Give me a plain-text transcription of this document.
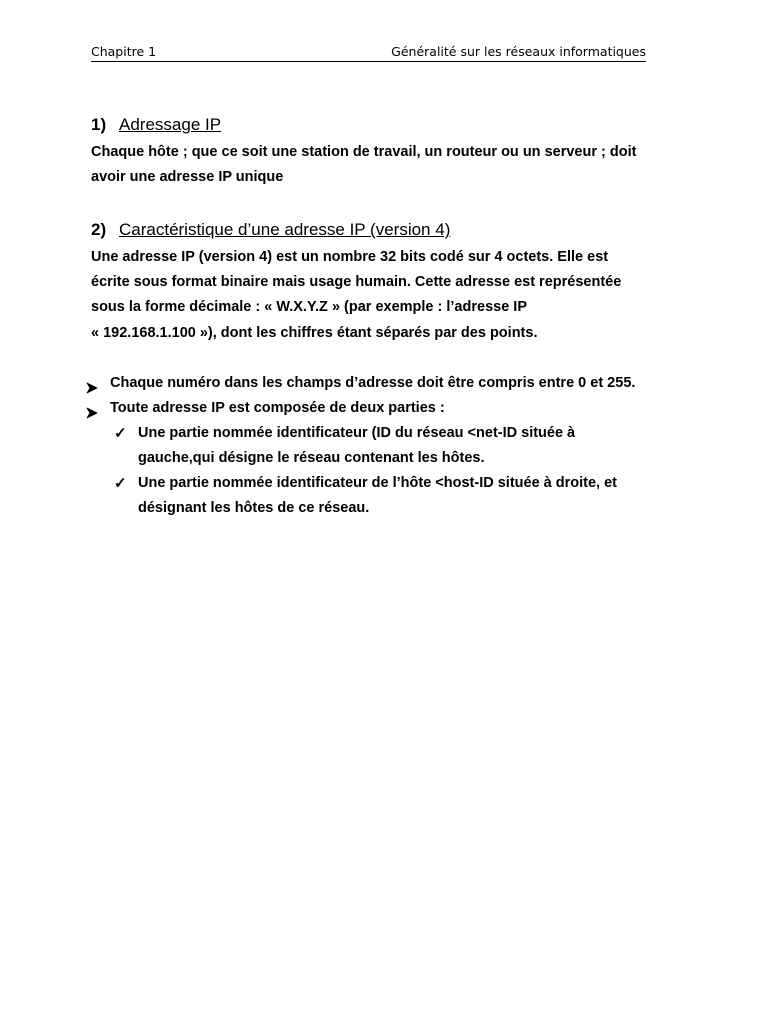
Chapitre 1	Généralité sur les réseaux informatiques
1) Adressage IP
Chaque hôte ; que ce soit une station de travail, un routeur ou un serveur ; doit
avoir une adresse IP unique
2) Caractéristique d’une adresse IP (version 4)
Une adresse IP (version 4) est un nombre 32 bits codé sur 4 octets. Elle est
écrite sous format binaire mais usage humain. Cette adresse est représentée
sous la forme décimale : « W.X.Y.Z » (par exemple : l’adresse IP
« 192.168.1.100 »), dont les chiffres étant séparés par des points.
Chaque numéro dans les champs d’adresse doit être compris entre 0 et 255.
Toute adresse IP est composée de deux parties :
✓ Une partie nommée identificateur (ID du réseau <net-ID située à
gauche,qui désigne le réseau contenant les hôtes.
✓ Une partie nommée identificateur de l’hôte <host-ID située à droite, et
désignant les hôtes de ce réseau.
